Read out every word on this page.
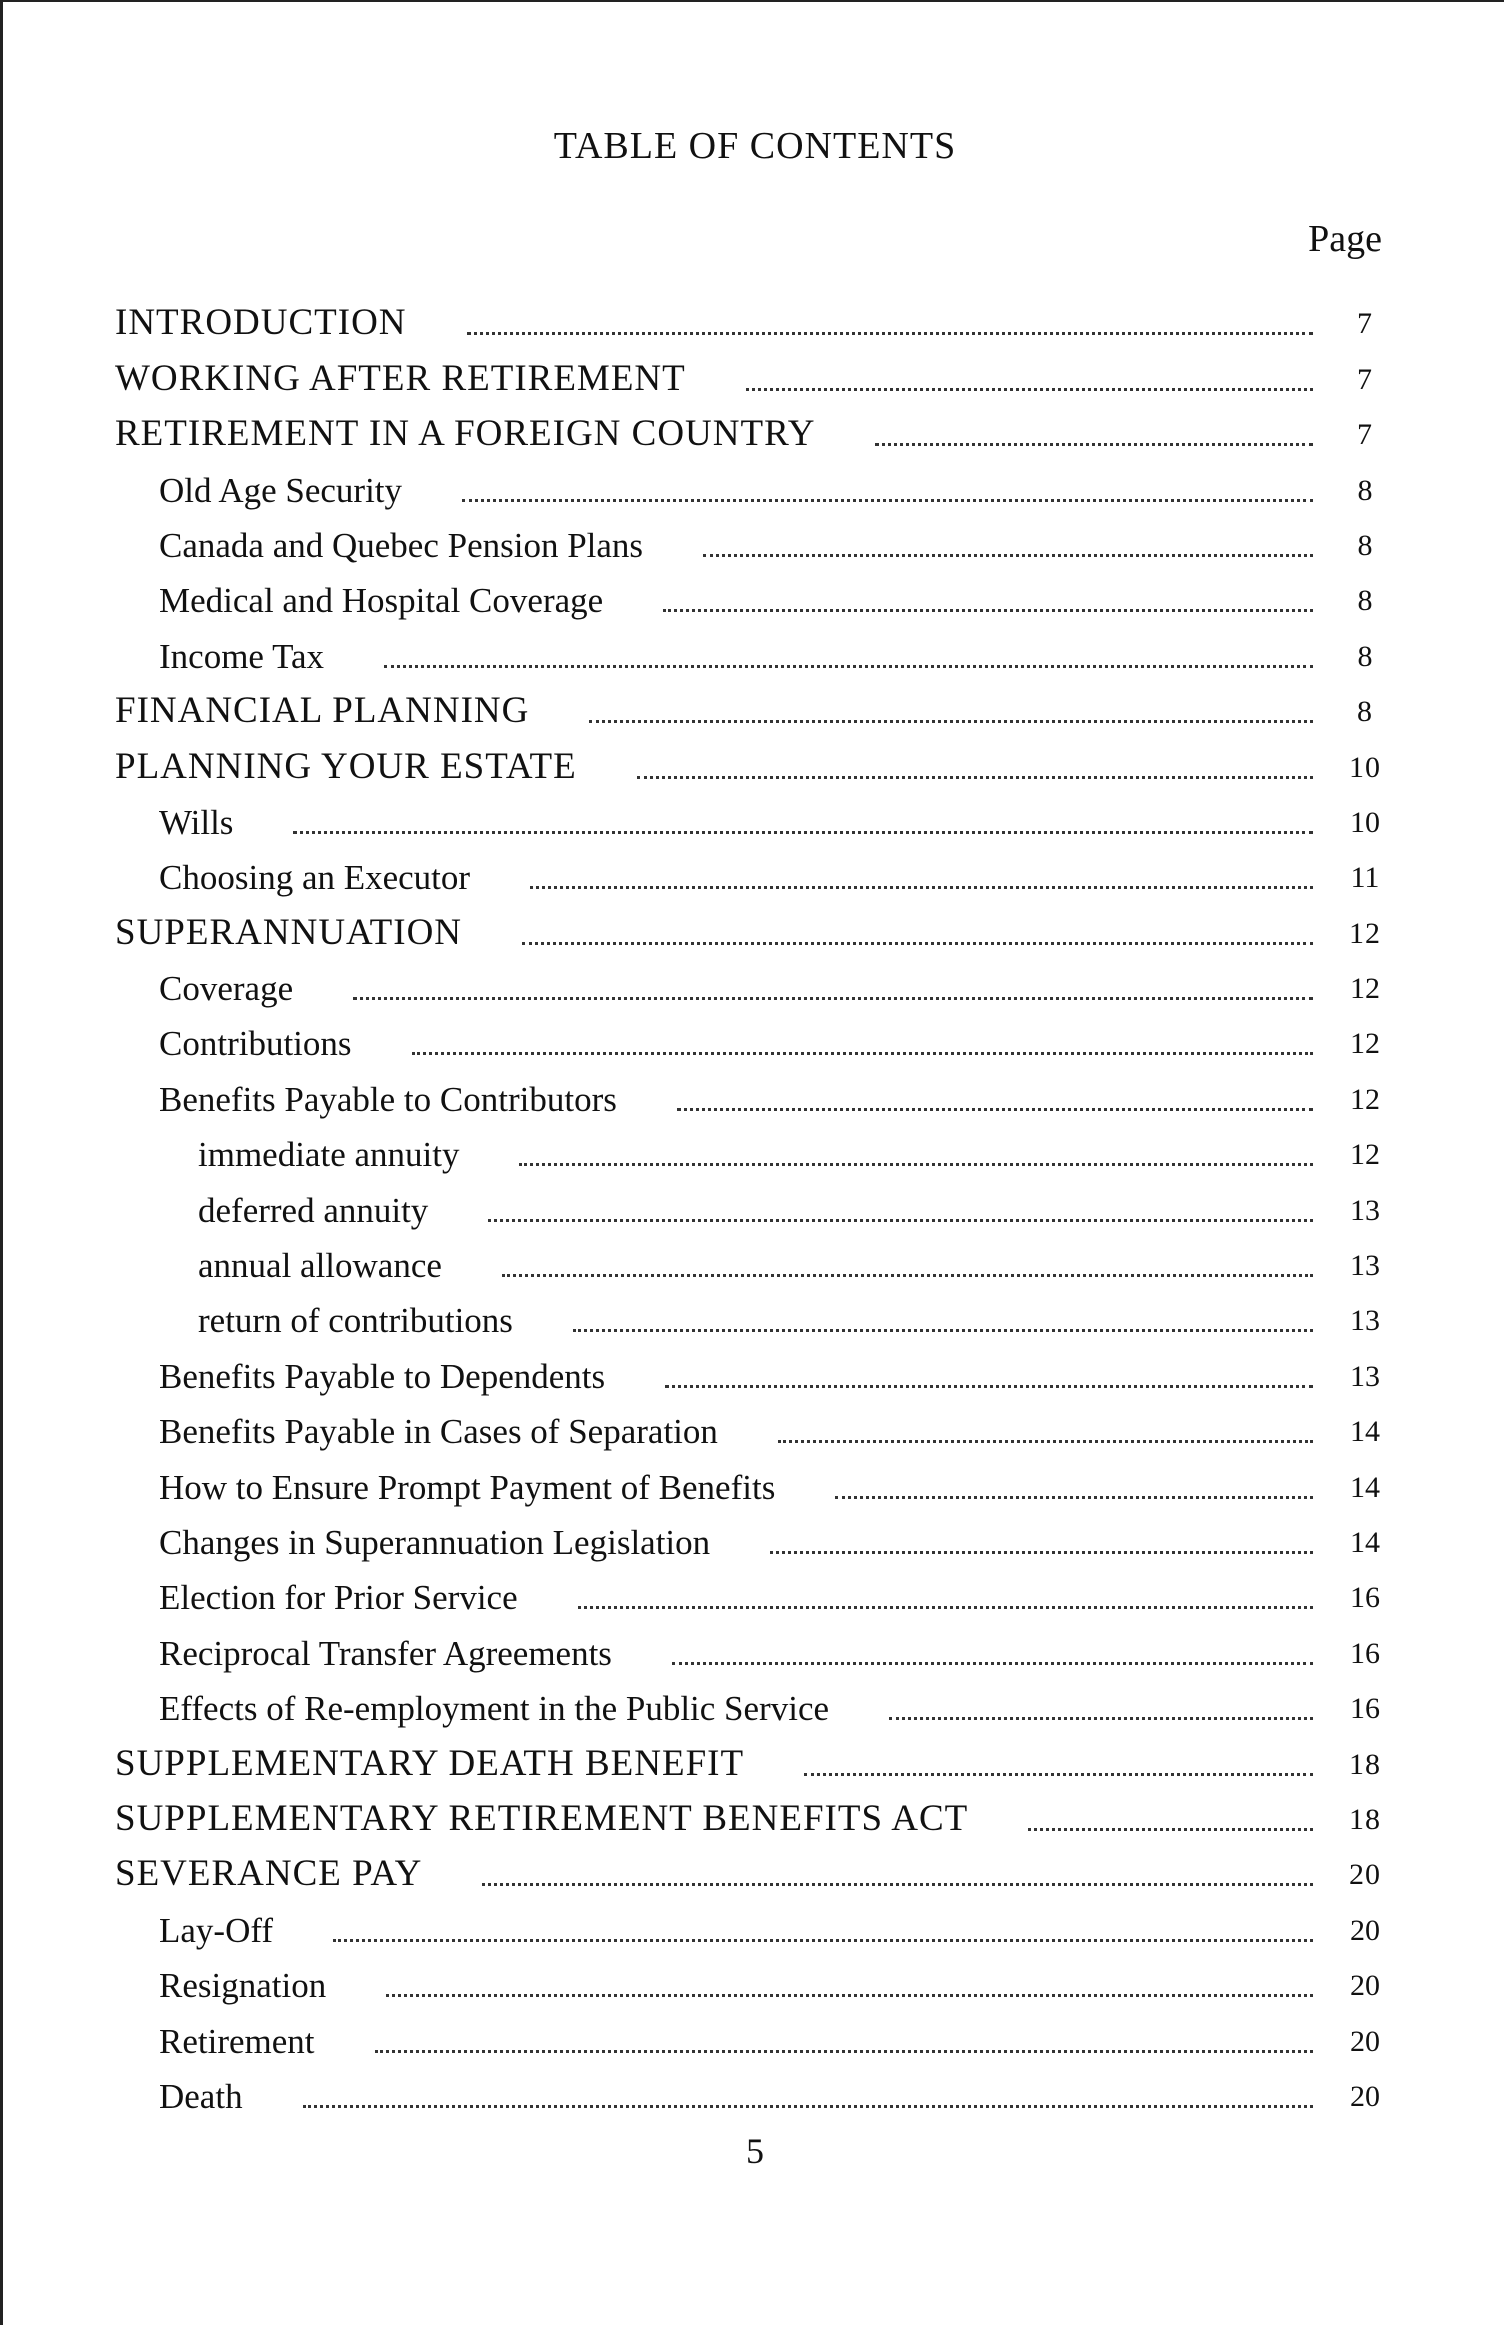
TABLE OF CONTENTS
Page
INTRODUCTION	7
WORKING AFTER RETIREMENT	7
RETIREMENT IN A FOREIGN COUNTRY	7
Old Age Security	8
Canada and Quebec Pension Plans	8
Medical and Hospital Coverage	8
Income Tax	8
FINANCIAL PLANNING	8
PLANNING YOUR ESTATE	10
Wills	10
Choosing an Executor	11
SUPERANNUATION	12
Coverage	12
Contributions	12
Benefits Payable to Contributors	12
immediate annuity	12
deferred annuity	13
annual allowance	13
return of contributions	13
Benefits Payable to Dependents	13
Benefits Payable in Cases of Separation	14
How to Ensure Prompt Payment of Benefits	14
Changes in Superannuation Legislation	14
Election for Prior Service	16
Reciprocal Transfer Agreements	16
Effects of Re-employment in the Public Service	16
SUPPLEMENTARY DEATH BENEFIT	18
SUPPLEMENTARY RETIREMENT BENEFITS ACT	18
SEVERANCE PAY	20
Lay-Off	20
Resignation	20
Retirement	20
Death	20
5
